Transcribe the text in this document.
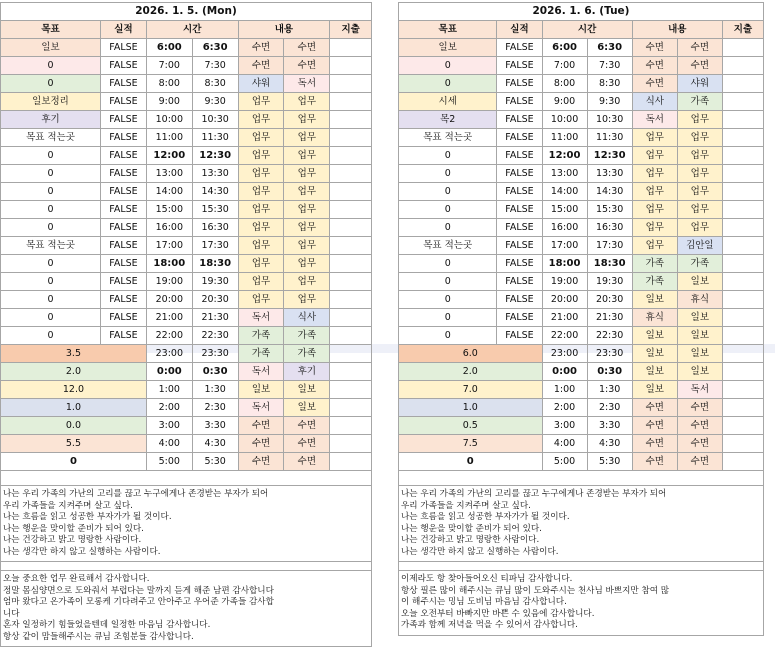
2026. 1. 5. (Mon)						
목표	실적	시간		내용		지출
일보	FALSE	6:00	6:30	수면	수면	
0	FALSE	7:00	7:30	수면	수면	
0	FALSE	8:00	8:30	샤워	독서	
일보정리	FALSE	9:00	9:30	업무	업무	
후기	FALSE	10:00	10:30	업무	업무	
목표 적는곳	FALSE	11:00	11:30	업무	업무	
0	FALSE	12:00	12:30	업무	업무	
0	FALSE	13:00	13:30	업무	업무	
0	FALSE	14:00	14:30	업무	업무	
0	FALSE	15:00	15:30	업무	업무	
0	FALSE	16:00	16:30	업무	업무	
목표 적는곳	FALSE	17:00	17:30	업무	업무	
0	FALSE	18:00	18:30	업무	업무	
0	FALSE	19:00	19:30	업무	업무	
0	FALSE	20:00	20:30	업무	업무	
0	FALSE	21:00	21:30	독서	식사	
0	FALSE	22:00	22:30	가족	가족	
3.5		23:00	23:30	가족	가족	
2.0		0:00	0:30	독서	후기	
12.0		1:00	1:30	일보	일보	
1.0		2:00	2:30	독서	일보	
0.0		3:00	3:30	수면	수면	
5.5		4:00	4:30	수면	수면	
0		5:00	5:30	수면	수면	

나는 우리 가족의 가난의 고리를 끊고 누구에게나 존경받는 부자가 되어

우리 가족들을 지켜주며 살고 싶다.

나는 흐름을 읽고 성공한 부자가가 될 것이다.

나는 행운을 맞이할 준비가 되어 있다.

나는 건강하고 밝고 명랑한 사람이다.

나는 생각만 하지 않고 실행하는 사람이다.

오늘 중요한 업무 완료해서 감사합니다.

정말 몸심양면으로 도와줘서 부럽다는 말까지 듣게 해준 남편 감사합니다

엄마 왔다고 온가족이 모롱케 기다려주고 안아주고 우어준 가족들 감사합

니다

혼자 일정하기 힘들었을텐데 일정한 마음님 감사합니다.

항상 같이 맘들해주시는 큐님 조힘분들 감사합니다.

2026. 1. 6. (Tue)						
목표	실적	시간		내용		지출
일보	FALSE	6:00	6:30	수면	수면	
0	FALSE	7:00	7:30	수면	수면	
0	FALSE	8:00	8:30	수면	샤워	
시세	FALSE	9:00	9:30	식사	가족	
목2	FALSE	10:00	10:30	독서	업무	
목표 적는곳	FALSE	11:00	11:30	업무	업무	
0	FALSE	12:00	12:30	업무	업무	
0	FALSE	13:00	13:30	업무	업무	
0	FALSE	14:00	14:30	업무	업무	
0	FALSE	15:00	15:30	업무	업무	
0	FALSE	16:00	16:30	업무	업무	
목표 적는곳	FALSE	17:00	17:30	업무	김안일	
0	FALSE	18:00	18:30	가족	가족	
0	FALSE	19:00	19:30	가족	일보	
0	FALSE	20:00	20:30	일보	휴식	
0	FALSE	21:00	21:30	휴식	일보	
0	FALSE	22:00	22:30	일보	일보	
6.0		23:00	23:30	일보	일보	
2.0		0:00	0:30	일보	일보	
7.0		1:00	1:30	일보	독서	
1.0		2:00	2:30	수면	수면	
0.5		3:00	3:30	수면	수면	
7.5		4:00	4:30	수면	수면	
0		5:00	5:30	수면	수면	

나는 우리 가족의 가난의 고리를 끊고 누구에게나 존경받는 부자가 되어

우리 가족들을 지켜주며 살고 싶다.

나는 흐름을 읽고 성공한 부자가가 될 것이다.

나는 행운을 맞이할 준비가 되어 있다.

나는 건강하고 밝고 명랑한 사람이다.

나는 생각만 하지 않고 실행하는 사람이다.

이제라도 항 찾아들어오신 티파님 감사합니다.

항상 필른 많이 해주시는 큐님 많이 도와주시는 천사님 바쁘지만 참여 많

이 해주시는 밍님 도비님 마음님 감사합니다.

오늘 오전부터 바빠지만 바쁜 수 있음에 감사합니다.

가족과 함께 저녁을 먹을 수 있어서 감사합니다.
